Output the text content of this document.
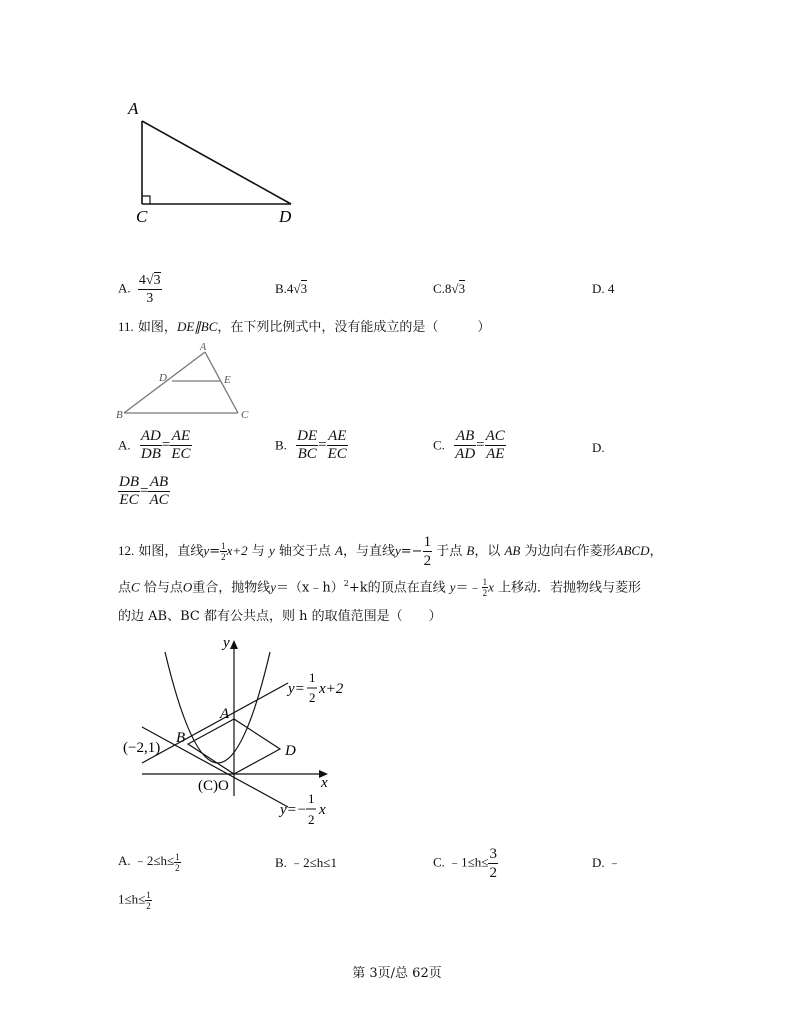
A
C	D
A. $\frac{4√3}{3}$	B.4√3	C.8√3	D. 4
11. 如图，DE∥BC，在下列比例式中，没有能成立的是（　　　）
A
D	E
B	C
A. $\frac{AD}{DB} = \frac{AE}{EC}$	B. $\frac{DE}{BC} = \frac{AE}{EC}$	C. $\frac{AB}{AD} = \frac{AC}{AE}$	D.
$\frac{DB}{EC} = \frac{AB}{AC}$
12. 如图，直线$y= \frac{1}{2} x+2$ 与 y 轴交于点 A，与直线$y=- \frac{1}{2}$ 于点 B，以 AB 为边向右作菱形ABCD，
点C 恰与点O重合，抛物线y＝（x﹣h）$^2$+k的顶点在直线 y＝﹣ $\frac{1}{2}$ x 上移动．若抛物线与菱形
的边 AB、BC 都有公共点，则 h 的取值范围是（　　）
y
x
A
B
D
(−2,1)
(C)O
y=
1
2
x+2
y=−
1
2
x
A. ﹣2≤h≤ $\frac{1}{2}$	B. ﹣2≤h≤1	C. ﹣1≤h≤ $\frac{3}{2}$	D. ﹣
$1\le h\le \frac{1}{2}$
第 3页/总 62页
